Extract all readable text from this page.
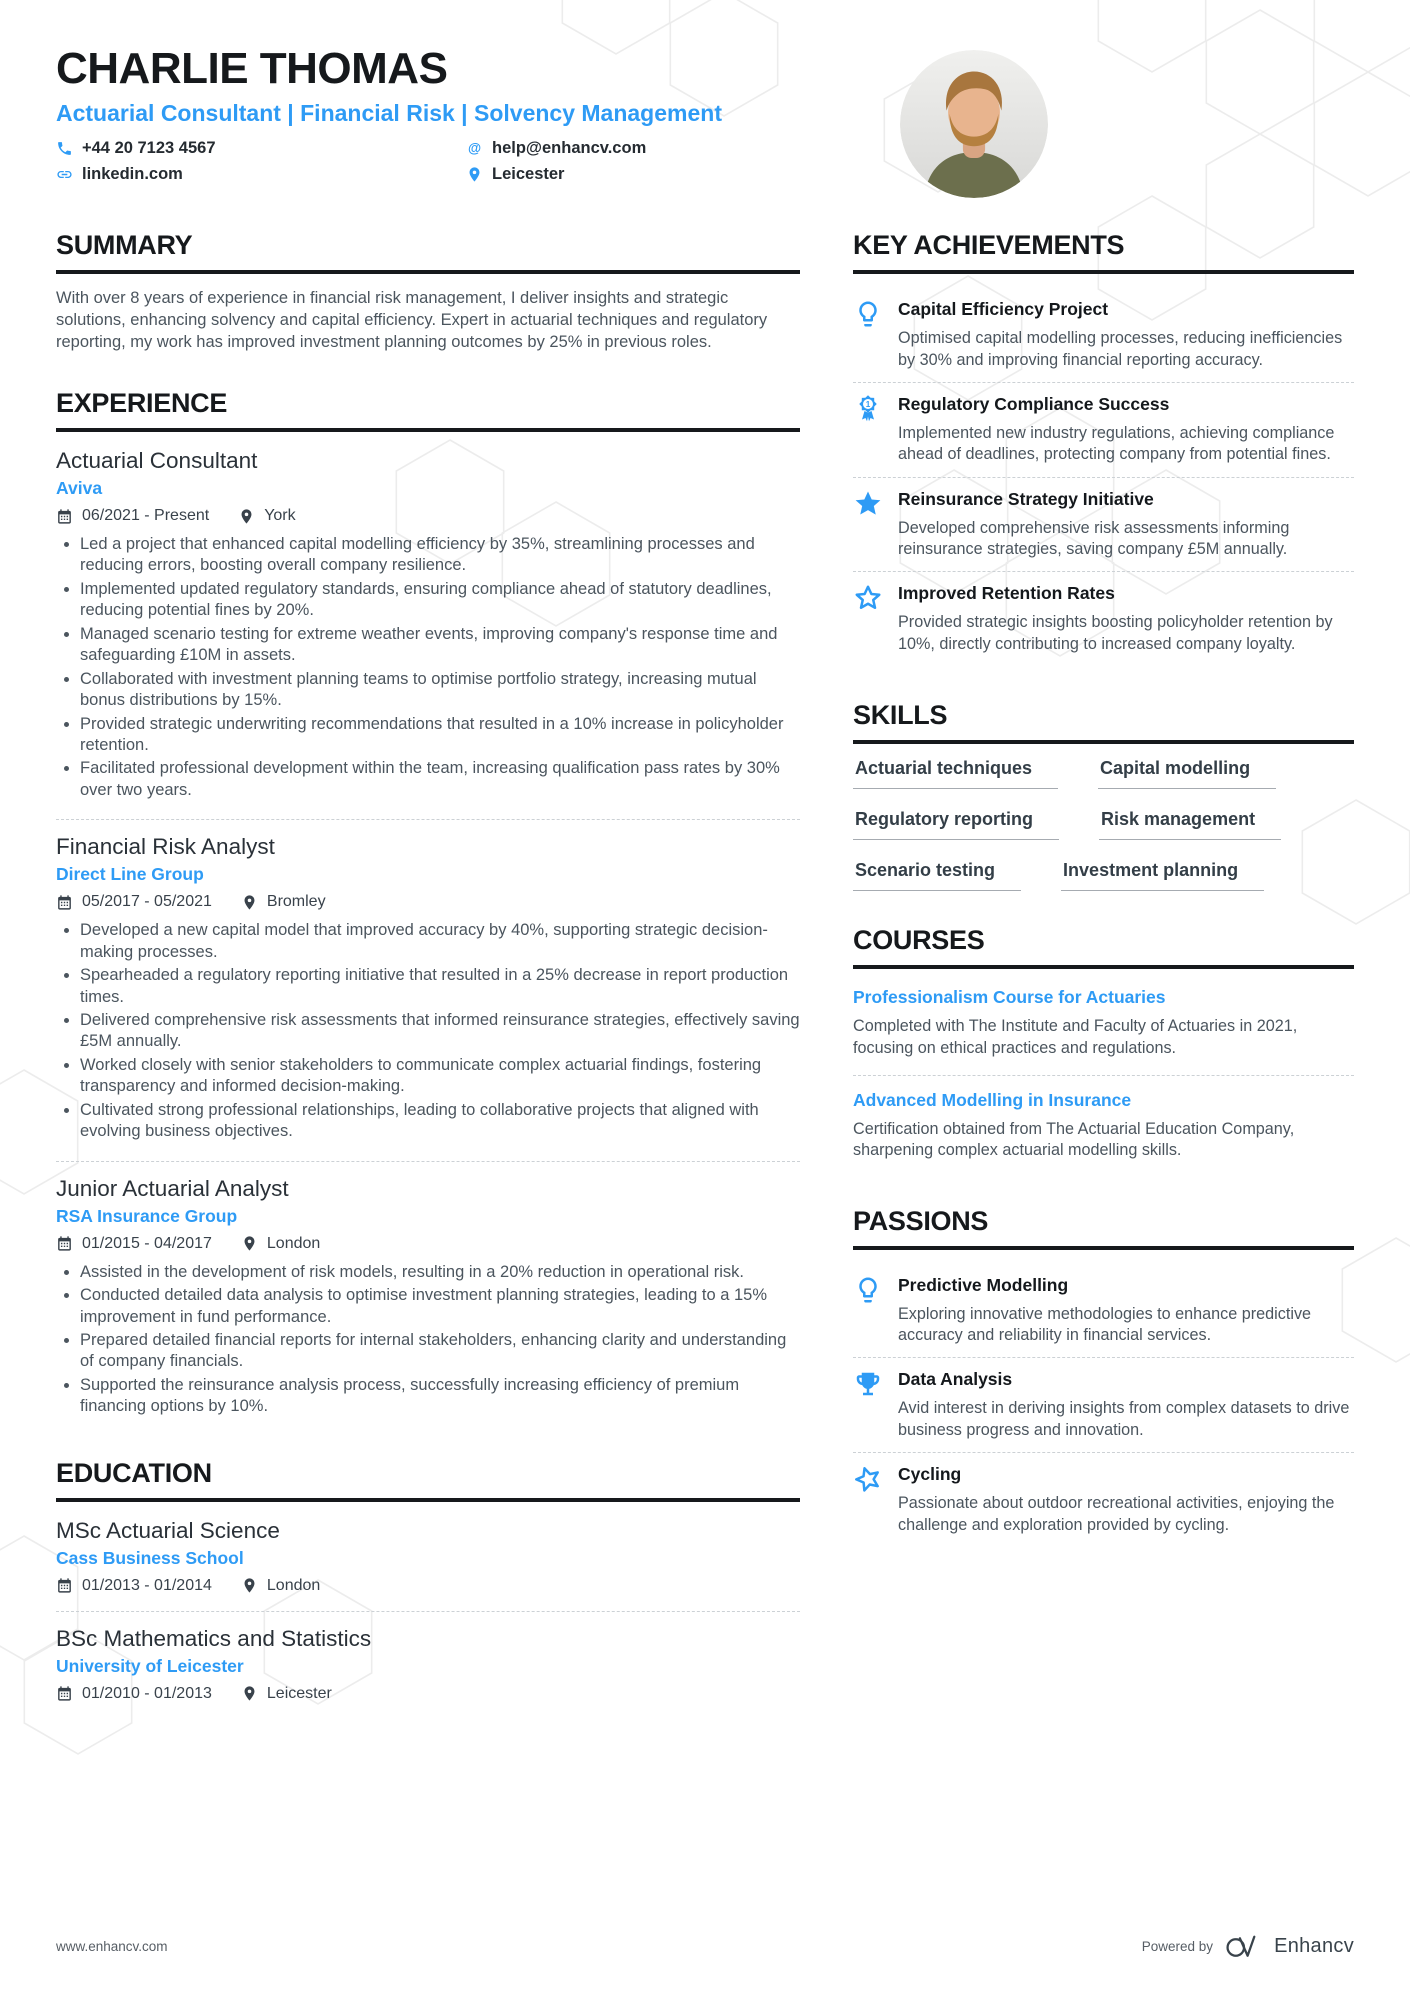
CHARLIE THOMAS
Actuarial Consultant | Financial Risk | Solvency Management
+44 20 7123 4567	@ help@enhancv.com
linkedin.com	Leicester
SUMMARY

With over 8 years of experience in financial risk management, I deliver insights and strategic solutions, enhancing solvency and capital efficiency. Expert in actuarial techniques and regulatory reporting, my work has improved investment planning outcomes by 25% in previous roles.

EXPERIENCE
Actuarial Consultant
Aviva
06/2021 - Present	York
• Led a project that enhanced capital modelling efficiency by 35%, streamlining processes and reducing errors, boosting overall company resilience.
• Implemented updated regulatory standards, ensuring compliance ahead of statutory deadlines, reducing potential fines by 20%.
• Managed scenario testing for extreme weather events, improving company's response time and safeguarding £10M in assets.
• Collaborated with investment planning teams to optimise portfolio strategy, increasing mutual bonus distributions by 15%.
• Provided strategic underwriting recommendations that resulted in a 10% increase in policyholder retention.
• Facilitated professional development within the team, increasing qualification pass rates by 30% over two years.
Financial Risk Analyst
Direct Line Group
05/2017 - 05/2021	Bromley
• Developed a new capital model that improved accuracy by 40%, supporting strategic decision-making processes.
• Spearheaded a regulatory reporting initiative that resulted in a 25% decrease in report production times.
• Delivered comprehensive risk assessments that informed reinsurance strategies, effectively saving £5M annually.
• Worked closely with senior stakeholders to communicate complex actuarial findings, fostering transparency and informed decision-making.
• Cultivated strong professional relationships, leading to collaborative projects that aligned with evolving business objectives.
Junior Actuarial Analyst
RSA Insurance Group
01/2015 - 04/2017	London
• Assisted in the development of risk models, resulting in a 20% reduction in operational risk.
• Conducted detailed data analysis to optimise investment planning strategies, leading to a 15% improvement in fund performance.
• Prepared detailed financial reports for internal stakeholders, enhancing clarity and understanding of company financials.
• Supported the reinsurance analysis process, successfully increasing efficiency of premium financing options by 10%.
EDUCATION
MSc Actuarial Science
Cass Business School
01/2013 - 01/2014	London
BSc Mathematics and Statistics
University of Leicester
01/2010 - 01/2013	Leicester
KEY ACHIEVEMENTS
Capital Efficiency Project

Optimised capital modelling processes, reducing inefficiencies by 30% and improving financial reporting accuracy.

1 Regulatory Compliance Success

Implemented new industry regulations, achieving compliance ahead of deadlines, protecting company from potential fines.

Reinsurance Strategy Initiative

Developed comprehensive risk assessments informing reinsurance strategies, saving company £5M annually.

Improved Retention Rates

Provided strategic insights boosting policyholder retention by 10%, directly contributing to increased company loyalty.

SKILLS
Actuarial techniques	Capital modelling
Regulatory reporting	Risk management
Scenario testing	Investment planning
COURSES
Professionalism Course for Actuaries

Completed with The Institute and Faculty of Actuaries in 2021, focusing on ethical practices and regulations.

Advanced Modelling in Insurance

Certification obtained from The Actuarial Education Company, sharpening complex actuarial modelling skills.

PASSIONS
Predictive Modelling

Exploring innovative methodologies to enhance predictive accuracy and reliability in financial services.

Data Analysis

Avid interest in deriving insights from complex datasets to drive business progress and innovation.

Cycling

Passionate about outdoor recreational activities, enjoying the challenge and exploration provided by cycling.

www.enhancv.com	Powered by	Enhancv
